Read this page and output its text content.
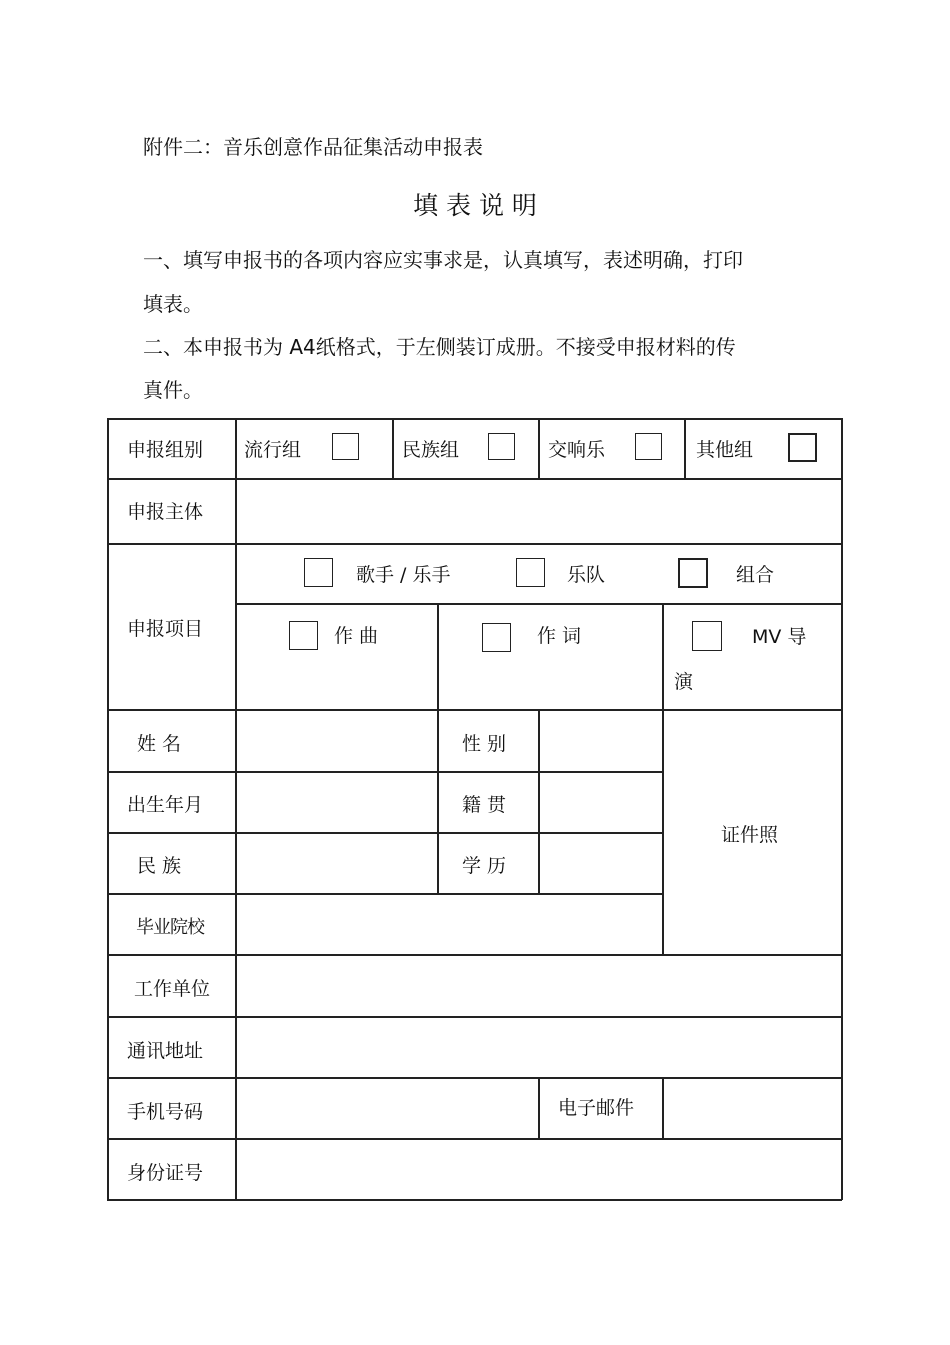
附件二：音乐创意作品征集活动申报表
填 表 说 明
一、填写申报书的各项内容应实事求是，认真填写，表述明确，打印
填表。
二、本申报书为 A4纸格式，于左侧装订成册。不接受申报材料的传
真件。
申报组别 流行组	民族组	交响乐	其他组
申报主体
申报项目
歌手 / 乐手	乐队	组合
作 曲	作 词	MV 导
演
姓 名	性 别
出生年月	籍 贯
民 族	学 历
证件照
毕业院校
工作单位
通讯地址
手机号码	电子邮件
身份证号
